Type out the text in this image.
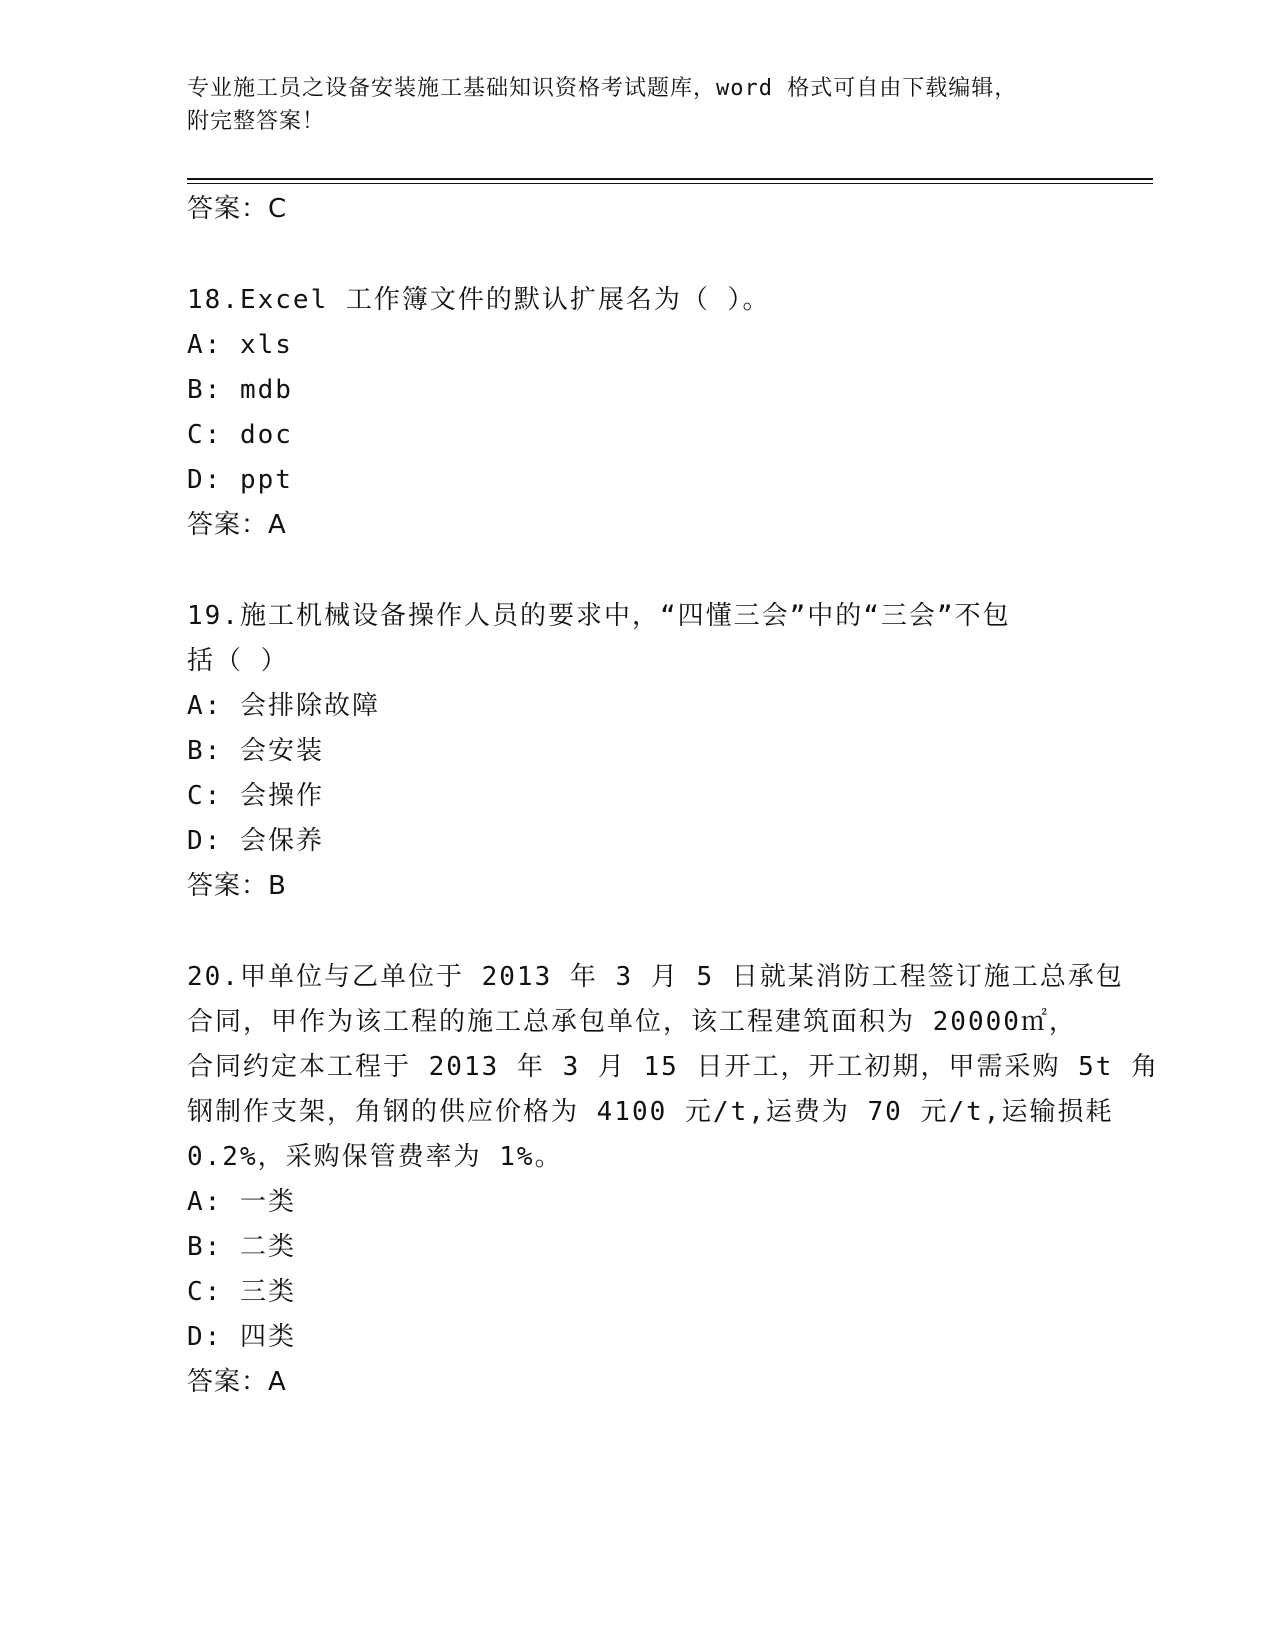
专业施工员之设备安装施工基础知识资格考试题库，word 格式可自由下载编辑，
附完整答案！
答案：C
18.Excel 工作簿文件的默认扩展名为（ ）。
A: xls
B: mdb
C: doc
D: ppt
答案：A
19.施工机械设备操作人员的要求中，“四懂三会”中的“三会”不包
括（ ）
A: 会排除故障
B: 会安装
C: 会操作
D: 会保养
答案：B
20.甲单位与乙单位于 2013 年 3 月 5 日就某消防工程签订施工总承包
合同，甲作为该工程的施工总承包单位，该工程建筑面积为 20000㎡，
合同约定本工程于 2013 年 3 月 15 日开工，开工初期，甲需采购 5t 角
钢制作支架，角钢的供应价格为 4100 元/t,运费为 70 元/t,运输损耗
0.2%，采购保管费率为 1%。
A: 一类
B: 二类
C: 三类
D: 四类
答案：A
